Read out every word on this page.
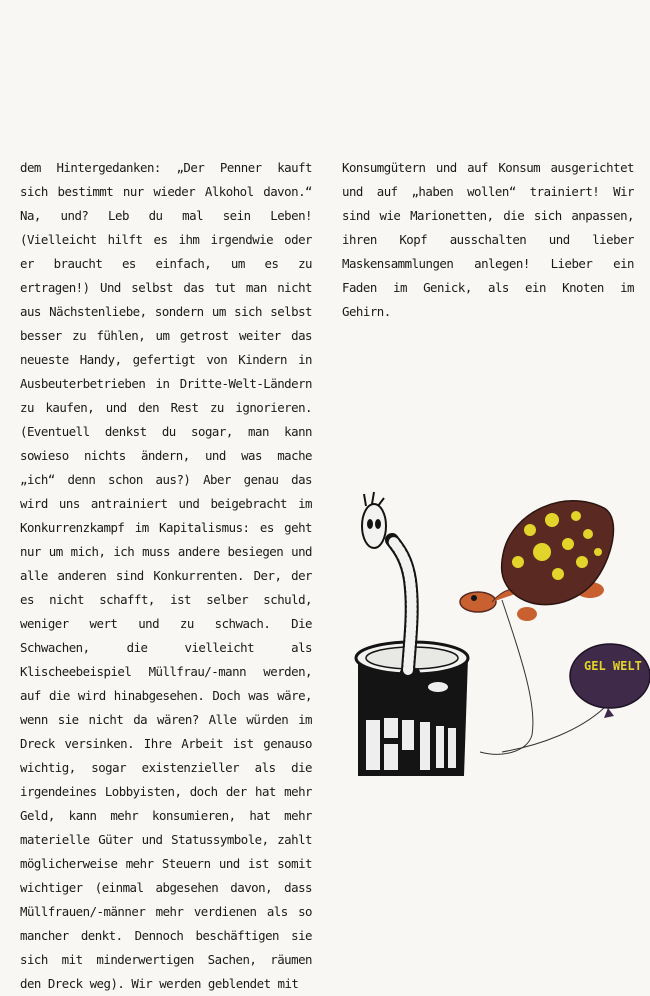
dem Hintergedanken: „Der Penner kauft sich bestimmt nur wieder Alkohol davon.“ Na, und? Leb du mal sein Leben! (Vielleicht hilft es ihm irgendwie oder er braucht es einfach, um es zu ertragen!) Und selbst das tut man nicht aus Nächstenliebe, sondern um sich selbst besser zu fühlen, um getrost weiter das neueste Handy, gefertigt von Kindern in Ausbeuterbetrieben in Dritte-Welt-Ländern zu kaufen, und den Rest zu ignorieren. (Eventuell denkst du sogar, man kann sowieso nichts ändern, und was mache „ich“ denn schon aus?) Aber genau das wird uns antrainiert und beigebracht im Konkurrenzkampf im Kapitalismus: es geht nur um mich, ich muss andere besiegen und alle anderen sind Konkurrenten. Der, der es nicht schafft, ist selber schuld, weniger wert und zu schwach. Die Schwachen, die vielleicht als Klischeebeispiel Müllfrau/-mann werden, auf die wird hinabgesehen. Doch was wäre, wenn sie nicht da wären? Alle würden im Dreck versinken. Ihre Arbeit ist genauso wichtig, sogar existenzieller als die irgendeines Lobbyisten, doch der hat mehr Geld, kann mehr konsumieren, hat mehr materielle Güter und Statussymbole, zahlt möglicherweise mehr Steuern und ist somit wichtiger (einmal abgesehen davon, dass Müllfrauen/-männer mehr verdienen als so mancher denkt. Dennoch beschäftigen sie sich mit minderwertigen Sachen, räumen den Dreck weg). Wir werden geblendet mit

Konsumgütern und auf Konsum ausgerichtet und auf „haben wollen“ trainiert! Wir sind wie Marionetten, die sich anpassen, ihren Kopf ausschalten und lieber Maskensammlungen anlegen! Lieber ein Faden im Genick, als ein Knoten im Gehirn.

GEL WELT
